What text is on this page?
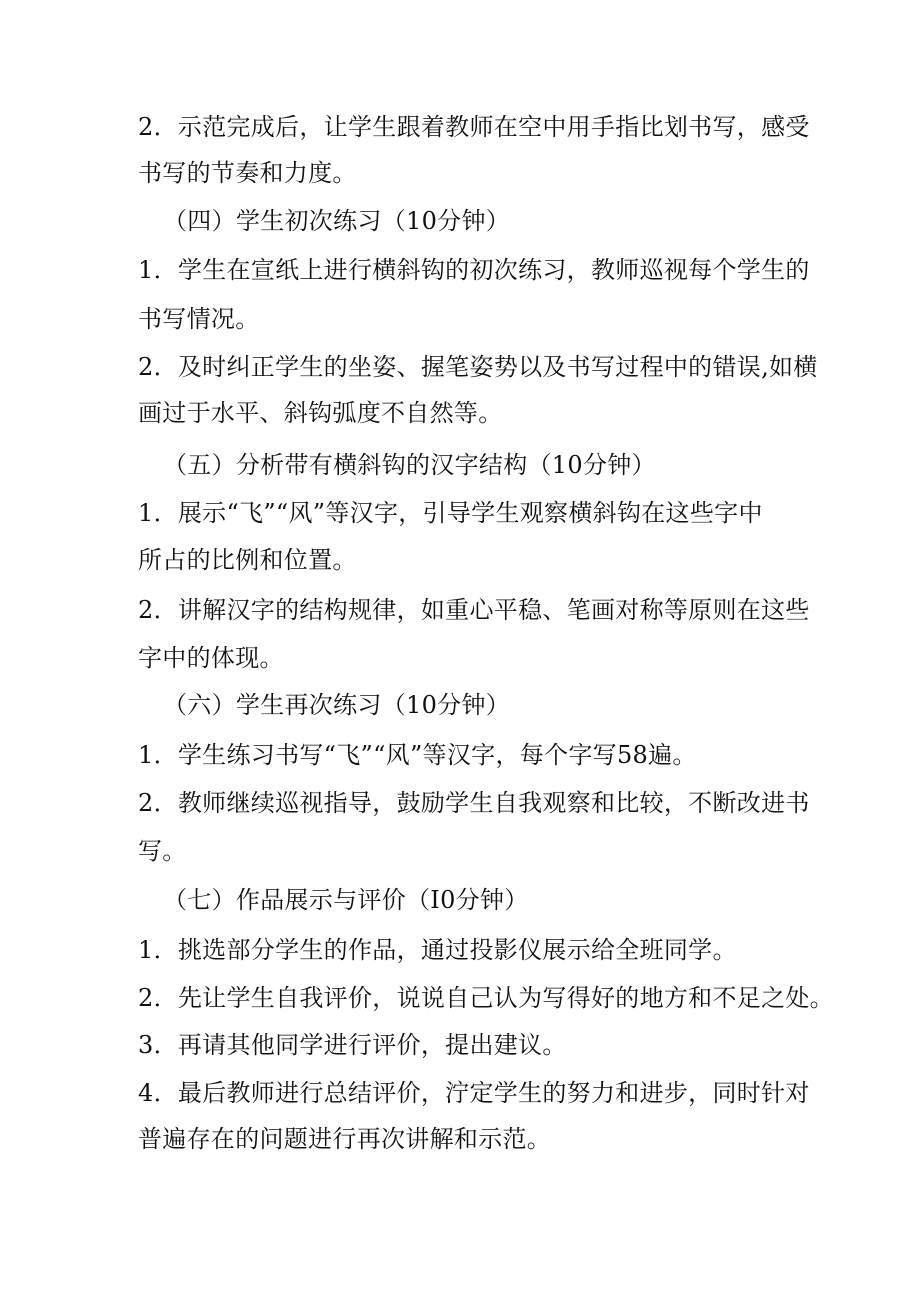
2．示范完成后，让学生跟着教师在空中用手指比划书写，感受
书写的节奏和力度。
（四）学生初次练习（10分钟）
1．学生在宣纸上进行横斜钩的初次练习，教师巡视每个学生的
书写情况。
2．及时纠正学生的坐姿、握笔姿势以及书写过程中的错误,如横
画过于水平、斜钩弧度不自然等。
（五）分析带有横斜钩的汉字结构（10分钟）
1．展示“飞”“风”等汉字，引导学生观察横斜钩在这些字中
所占的比例和位置。
2．讲解汉字的结构规律，如重心平稳、笔画对称等原则在这些
字中的体现。
（六）学生再次练习（10分钟）
1．学生练习书写“飞”“风”等汉字，每个字写58遍。
2．教师继续巡视指导，鼓励学生自我观察和比较，不断改进书
写。
（七）作品展示与评价（I0分钟）
1．挑选部分学生的作品，通过投影仪展示给全班同学。
2．先让学生自我评价，说说自己认为写得好的地方和不足之处。
3．再请其他同学进行评价，提出建议。
4．最后教师进行总结评价，泞定学生的努力和进步，同时针对
普遍存在的问题进行再次讲解和示范。
